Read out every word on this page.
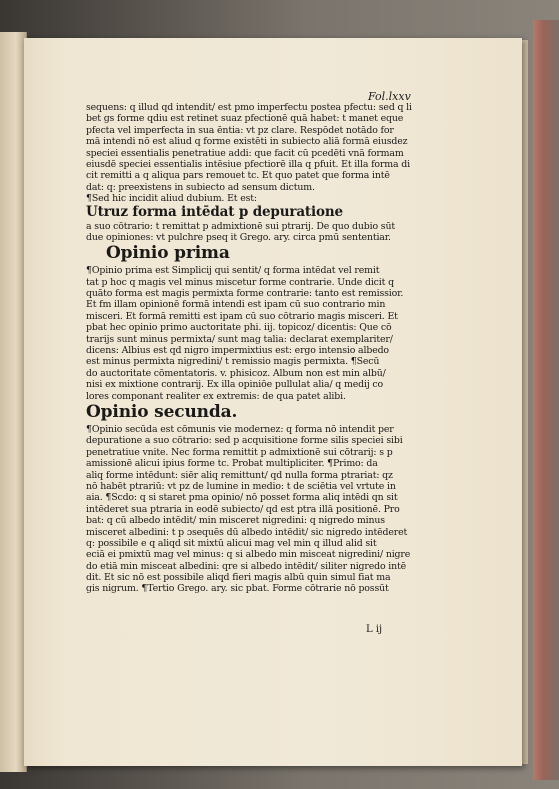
Fol.lxxv
sequens: q illud qd intendit/ est pmo imperfectu postea pfectu: sed q li
bet gs forme qdiu est retinet suaz pfectionē quā habet: t manet eque
pfecta vel imperfecta in sua ēntia: vt pz clare. Respōdet notādo for
mā intendi nō est aliud q forme existēti in subiecto aliā formā eiusdez
speciei essentialis penetratiue addi: que facit cū pcedēti vnā formam
eiusdē speciei essentialis intēsiue pfectiorē illa q pfuit. Et illa forma di
cit remitti a q aliqua pars remouet tc. Et quo patet que forma intē
dat: q: preexistens in subiecto ad sensum dictum.
¶Sed hic incidit aliud dubium. Et est:
Utruz forma intēdat p depuratione
a suo cōtrario: t remittat p admixtionē sui ptrarij. De quo dubio sūt
due opiniones: vt pulchre pseq it Grego. ary. circa pmū sententiar.
Opinio prima
¶Opinio prima est Simplicij qui sentit/ q forma intēdat vel remit
tat p hoc q magis vel minus miscetur forme contrarie. Unde dicit q
quāto forma est magis permixta forme contrarie: tanto est remissior.
Et fm illam opinionē formā intendi est ipam cū suo contrario min
misceri. Et formā remitti est ipam cū suo cōtrario magis misceri. Et
pbat hec opinio primo auctoritate phi. iij. topicoz/ dicentis: Que cō
trarijs sunt minus permixta/ sunt mag talia: declarat exemplariter/
dicens: Albius est qd nigro impermixtius est: ergo intensio albedo
est minus permixta nigredini/ t remissio magis permixta. ¶Secū
do auctoritate cōmentatoris. v. phisicoz. Album non est min albū/
nisi ex mixtione contrarij. Ex illa opiniōe pullulat alia/ q medij co
lores componant realiter ex extremis: de qua patet alibi.
Opinio secunda.
¶Opinio secūda est cōmunis vie modernez: q forma nō intendit per
depuratione a suo cōtrario: sed p acquisitione forme silis speciei sibi
penetratiue vnite. Nec forma remittit p admixtionē sui cōtrarij: s p
amissionē alicui ipius forme tc. Probat multipliciter. ¶Primo: da
aliq forme intēdunt: siēr aliq remittunt/ qd nulla forma ptrariat: qz
nō habēt ptrariū: vt pz de lumine in medio: t de sciētia vel vrtute in
aia. ¶Scdo: q si staret pma opinio/ nō posset forma aliq intēdi qn sit
intēderet sua ptraria in eodē subiecto/ qd est ptra illā positionē. Pro
bat: q cū albedo intēdit/ min misceret nigredini: q nigredo minus
misceret albedini: t p ɔsequēs dū albedo intēdit/ sic nigredo intēderet
q: possibile e q aliqd sit mixtū alicui mag vel min q illud alid sit
eciā ei pmixtū mag vel minus: q si albedo min misceat nigredini/ nigre
do etiā min misceat albedini: qre si albedo intēdit/ siliter nigredo intē
dit. Et sic nō est possibile aliqd fieri magis albū quin simul fiat ma
gis nigrum. ¶Tertio Grego. ary. sic pbat. Forme cōtrarie nō possūt
L ij
